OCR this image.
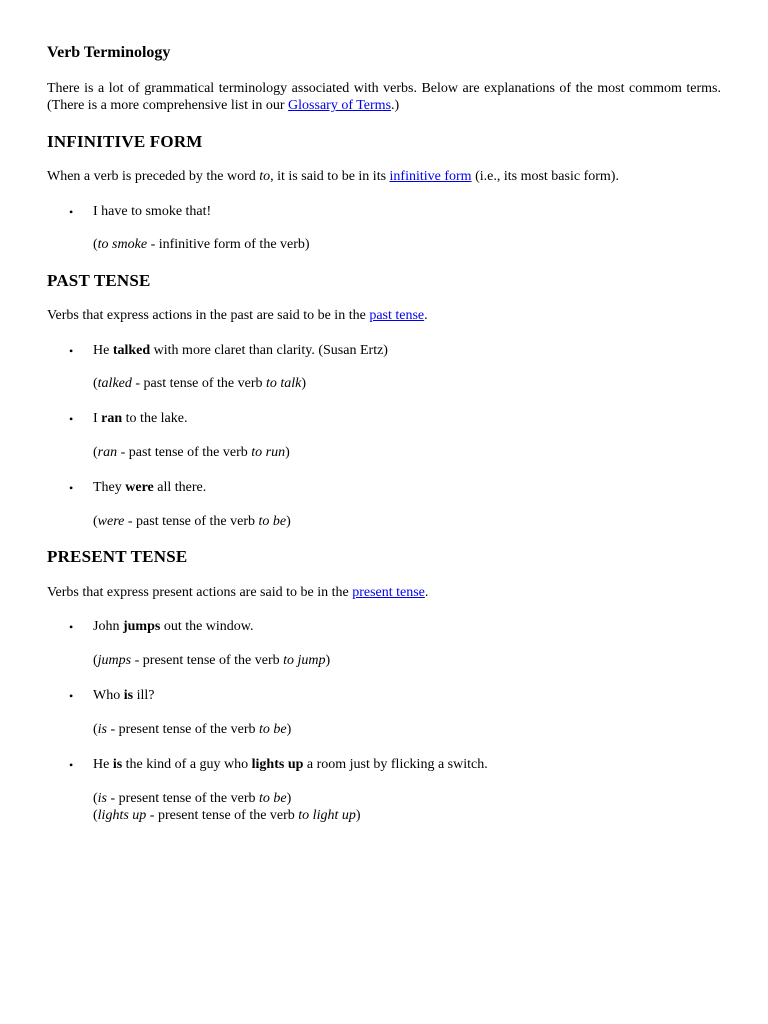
Verb Terminology

There is a lot of grammatical terminology associated with verbs. Below are explanations of the most commom terms. (There is a more comprehensive list in our Glossary of Terms.)

INFINITIVE FORM

When a verb is preceded by the word to, it is said to be in its infinitive form (i.e., its most basic form).

• I have to smoke that!

(to smoke - infinitive form of the verb)

PAST TENSE

Verbs that express actions in the past are said to be in the past tense.

• He talked with more claret than clarity. (Susan Ertz)

(talked - past tense of the verb to talk)

• I ran to the lake.

(ran - past tense of the verb to run)

• They were all there.

(were - past tense of the verb to be)

PRESENT TENSE

Verbs that express present actions are said to be in the present tense.

• John jumps out the window.

(jumps - present tense of the verb to jump)

• Who is ill?

(is - present tense of the verb to be)

• He is the kind of a guy who lights up a room just by flicking a switch.

(is - present tense of the verb to be)

(lights up - present tense of the verb to light up)
